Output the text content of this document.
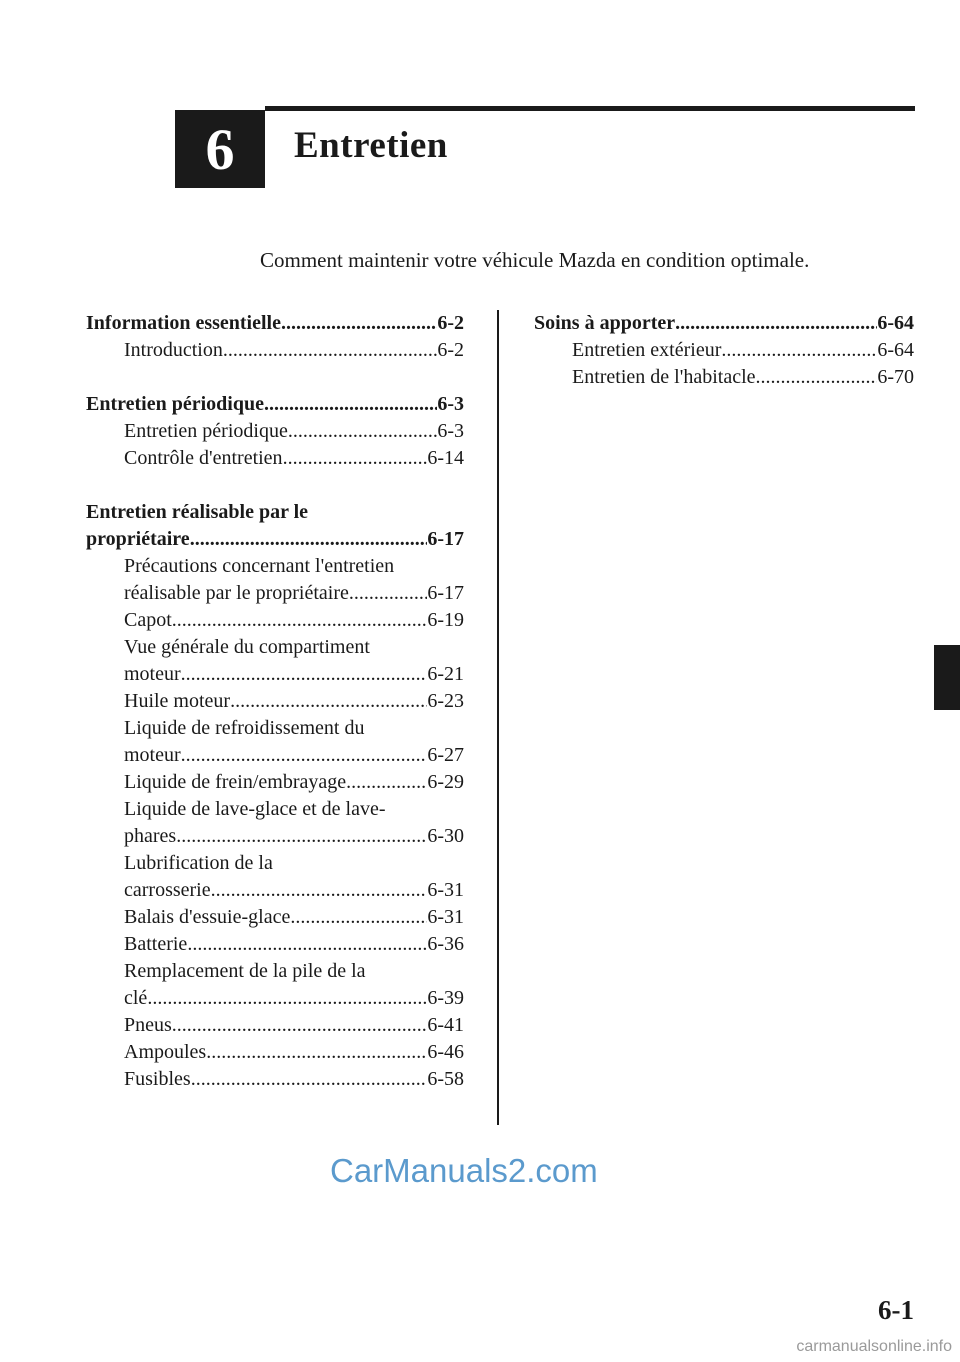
6 Entretien
Comment maintenir votre véhicule Mazda en condition optimale.
Information essentielle .....	6-2
Introduction .....	6-2
Entretien périodique .....	6-3
Entretien périodique .....	6-3
Contrôle d'entretien .....	6-14
Entretien réalisable par le
propriétaire .....	6-17
Précautions concernant l'entretien
réalisable par le propriétaire .....	6-17
Capot .....	6-19
Vue générale du compartiment
moteur .....	6-21
Huile moteur .....	6-23
Liquide de refroidissement du
moteur .....	6-27
Liquide de frein/embrayage .....	6-29
Liquide de lave-glace et de lave-
phares .....	6-30
Lubrification de la
carrosserie .....	6-31
Balais d'essuie-glace .....	6-31
Batterie .....	6-36
Remplacement de la pile de la
clé .....	6-39
Pneus .....	6-41
Ampoules .....	6-46
Fusibles .....	6-58
Soins à apporter .....	6-64
Entretien extérieur .....	6-64
Entretien de l'habitacle .....	6-70
CarManuals2.com
6-1
carmanualsonline.info
